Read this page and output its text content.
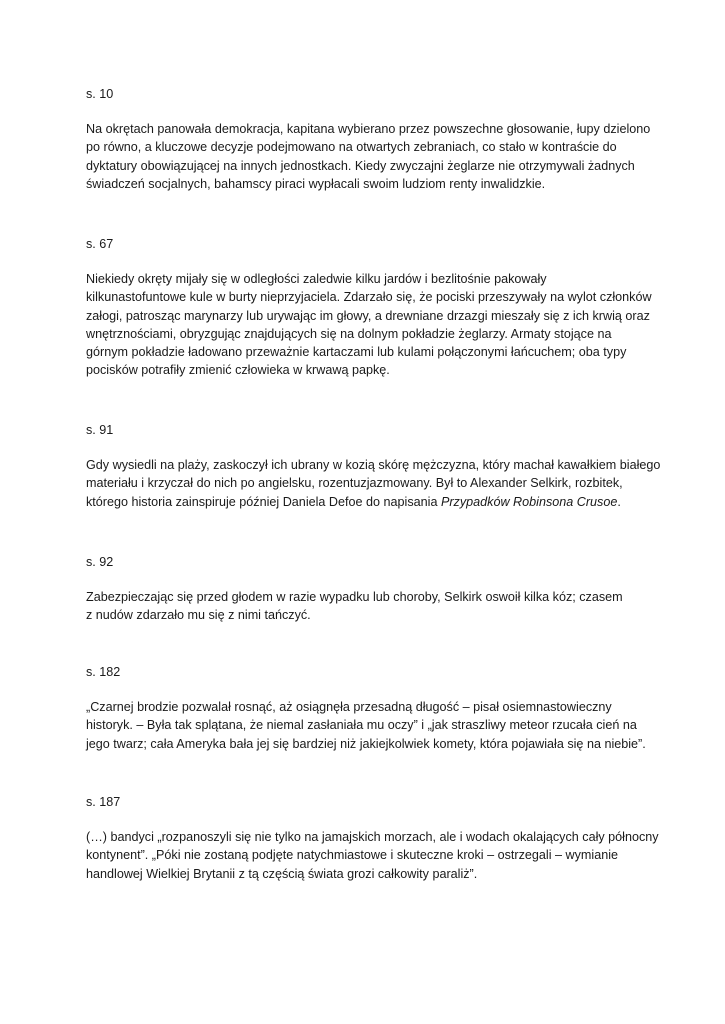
s. 10

Na okrętach panowała demokracja, kapitana wybierano przez powszechne głosowanie, łupy dzielono
po równo, a kluczowe decyzje podejmowano na otwartych zebraniach, co stało w kontraście do
dyktatury obowiązującej na innych jednostkach. Kiedy zwyczajni żeglarze nie otrzymywali żadnych
świadczeń socjalnych, bahamscy piraci wypłacali swoim ludziom renty inwalidzkie.

s. 67

Niekiedy okręty mijały się w odległości zaledwie kilku jardów i bezlitośnie pakowały
kilkunastofuntowe kule w burty nieprzyjaciela. Zdarzało się, że pociski przeszywały na wylot członków
załogi, patrosząc marynarzy lub urywając im głowy, a drewniane drzazgi mieszały się z ich krwią oraz
wnętrznościami, obryzgując znajdujących się na dolnym pokładzie żeglarzy. Armaty stojące na
górnym pokładzie ładowano przeważnie kartaczami lub kulami połączonymi łańcuchem; oba typy
pocisków potrafiły zmienić człowieka w krwawą papkę.

s. 91

Gdy wysiedli na plaży, zaskoczył ich ubrany w kozią skórę mężczyzna, który machał kawałkiem białego
materiału i krzyczał do nich po angielsku, rozentuzjazmowany. Był to Alexander Selkirk, rozbitek,
którego historia zainspiruje później Daniela Defoe do napisania Przypadków Robinsona Crusoe.

s. 92

Zabezpieczając się przed głodem w razie wypadku lub choroby, Selkirk oswoił kilka kóz; czasem
z nudów zdarzało mu się z nimi tańczyć.

s. 182

„Czarnej brodzie pozwalał rosnąć, aż osiągnęła przesadną długość – pisał osiemnastowieczny
historyk. – Była tak splątana, że niemal zasłaniała mu oczy” i „jak straszliwy meteor rzucała cień na
jego twarz; cała Ameryka bała jej się bardziej niż jakiejkolwiek komety, która pojawiała się na niebie”.

s. 187

(…) bandyci „rozpanoszyli się nie tylko na jamajskich morzach, ale i wodach okalających cały północny
kontynent”. „Póki nie zostaną podjęte natychmiastowe i skuteczne kroki – ostrzegali – wymianie
handlowej Wielkiej Brytanii z tą częścią świata grozi całkowity paraliż”.
